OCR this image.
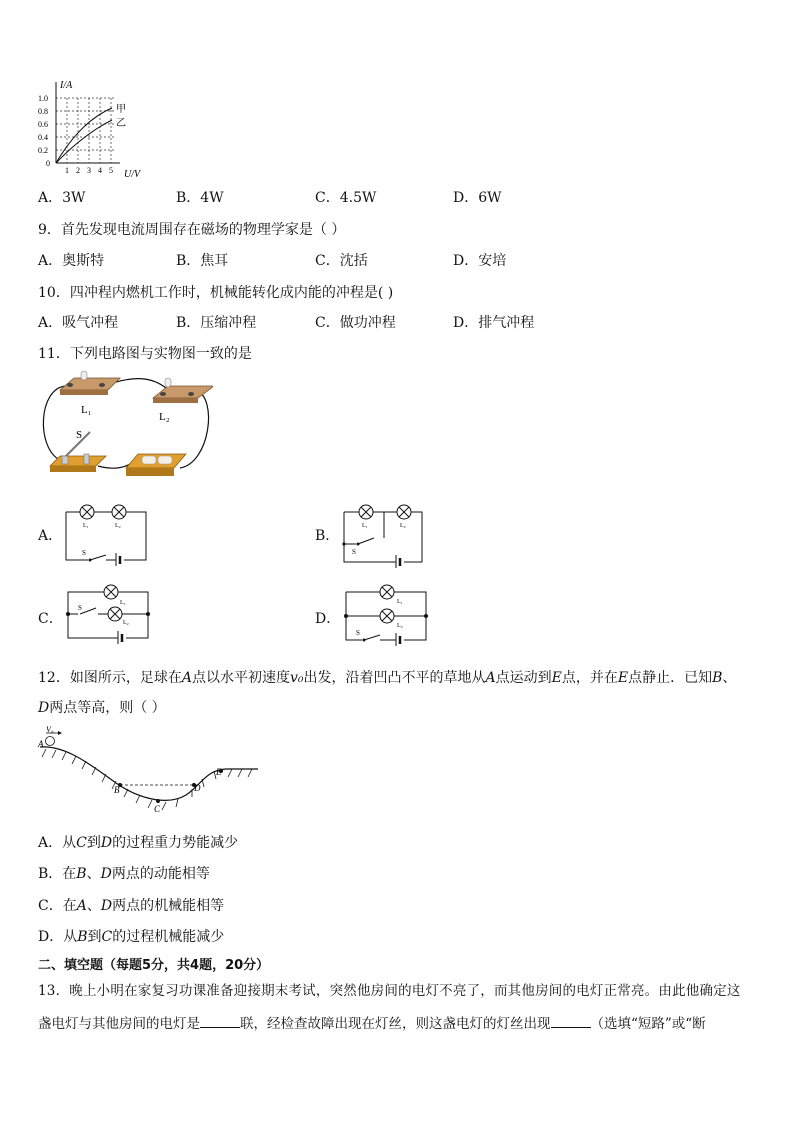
I/A
1.0
0.8
0.6
0.4
0.2
0
1 2 3 4 5 U/V
甲
乙
A．3W	B．4W	C．4.5W	D．6W
9．首先发现电流周围存在磁场的物理学家是（ ）
A．奥斯特	B．焦耳	C．沈括	D．安培
10．四冲程内燃机工作时，机械能转化成内能的冲程是( )
A．吸气冲程	B．压缩冲程	C．做功冲程	D．排气冲程
11．下列电路图与实物图一致的是
L₁
L₂
S
A．
L₁	L₂
S
B．
L₁	L₂
S
C．
S
L₁
L₂	D．
L₁
L₂
S
12．如图所示，足球在A点以水平初速度v₀出发，沿着凹凸不平的草地从A点运动到E点，并在E点静止．已知B、
D两点等高，则（ ）
V₀
A
B
C
D
E
A．从C到D的过程重力势能减少
B．在B、D两点的动能相等
C．在A、D两点的机械能相等
D．从B到C的过程机械能减少
二、填空题（每题5分，共4题，20分）
13．晚上小明在家复习功课准备迎接期末考试，突然他房间的电灯不亮了，而其他房间的电灯正常亮。由此他确定这
盏电灯与其他房间的电灯是	联，经检查故障出现在灯丝，则这盏电灯的灯丝出现	（选填“短路”或“断
